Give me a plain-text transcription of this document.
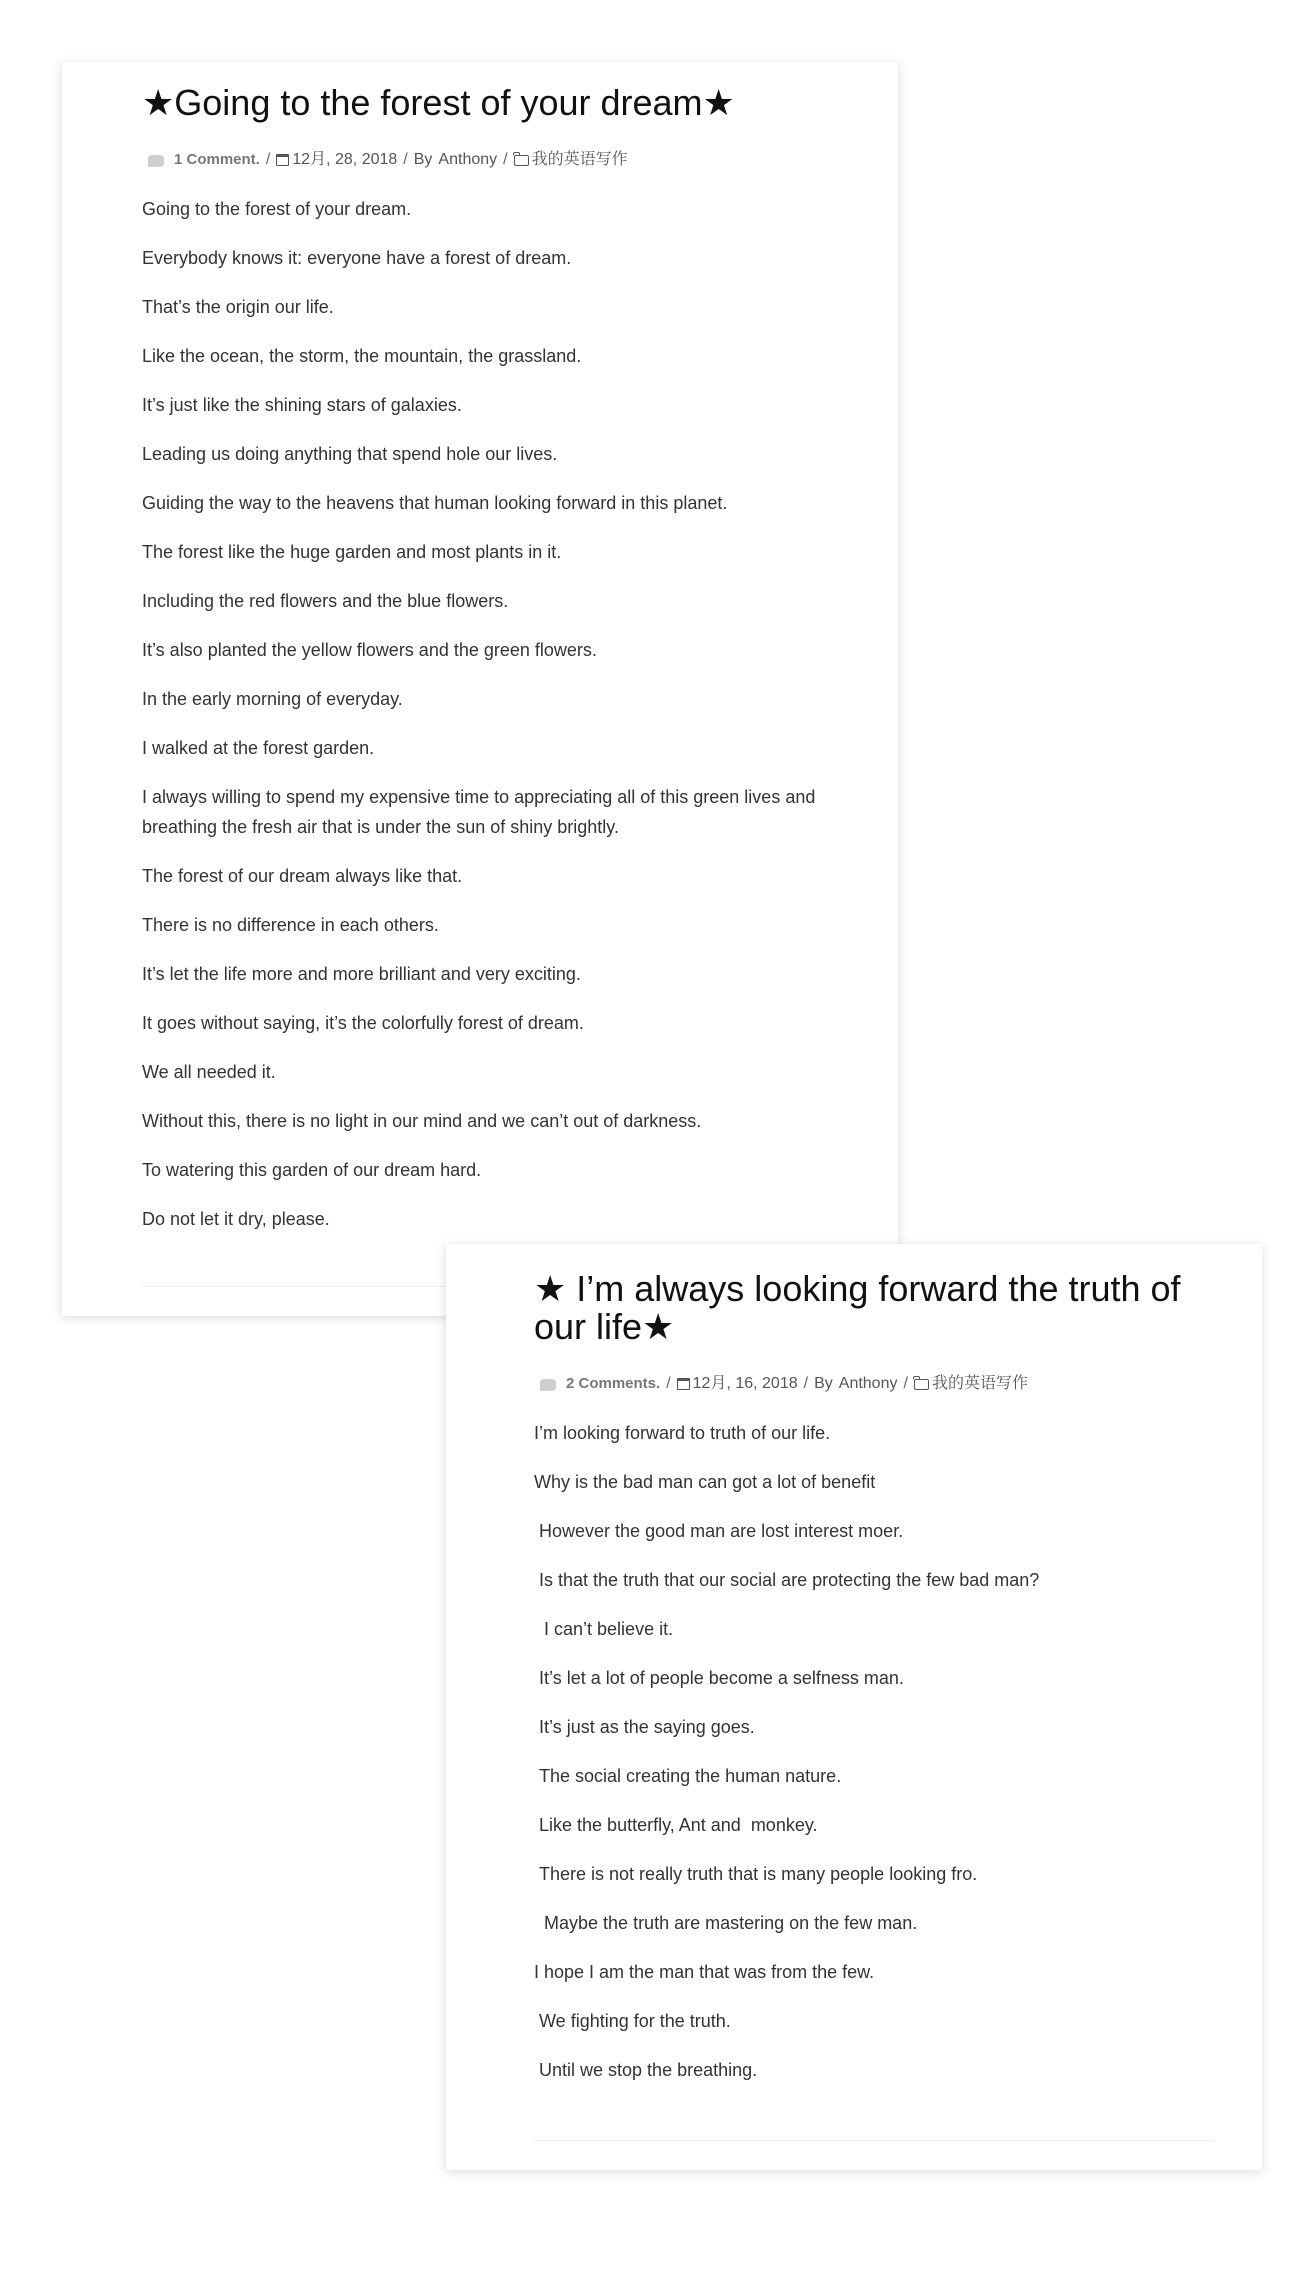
★Going to the forest of your dream★
1 Comment. / 12月, 28, 2018 / By Anthony / 我的英语写作

Going to the forest of your dream.

Everybody knows it: everyone have a forest of dream.

That’s the origin our life.

Like the ocean, the storm, the mountain, the grassland.

It’s just like the shining stars of galaxies.

Leading us doing anything that spend hole our lives.

Guiding the way to the heavens that human looking forward in this planet.

The forest like the huge garden and most plants in it.

Including the red flowers and the blue flowers.

It’s also planted the yellow flowers and the green flowers.

In the early morning of everyday.

I walked at the forest garden.

I always willing to spend my expensive time to appreciating all of this green lives and breathing the fresh air that is under the sun of shiny brightly.

The forest of our dream always like that.

There is no difference in each others.

It’s let the life more and more brilliant and very exciting.

It goes without saying, it’s the colorfully forest of dream.

We all needed it.

Without this, there is no light in our mind and we can’t out of darkness.

To watering this garden of our dream hard.

Do not let it dry, please.

★ I’m always looking forward the truth of our life★
2 Comments. / 12月, 16, 2018 / By Anthony / 我的英语写作

I’m looking forward to truth of our life.

Why is the bad man can got a lot of benefit

However the good man are lost interest moer.

Is that the truth that our social are protecting the few bad man?

I can’t believe it.

It’s let a lot of people become a selfness man.

It’s just as the saying goes.

The social creating the human nature.

Like the butterfly, Ant and  monkey.

There is not really truth that is many people looking fro.

Maybe the truth are mastering on the few man.

I hope I am the man that was from the few.

We fighting for the truth.

Until we stop the breathing.
